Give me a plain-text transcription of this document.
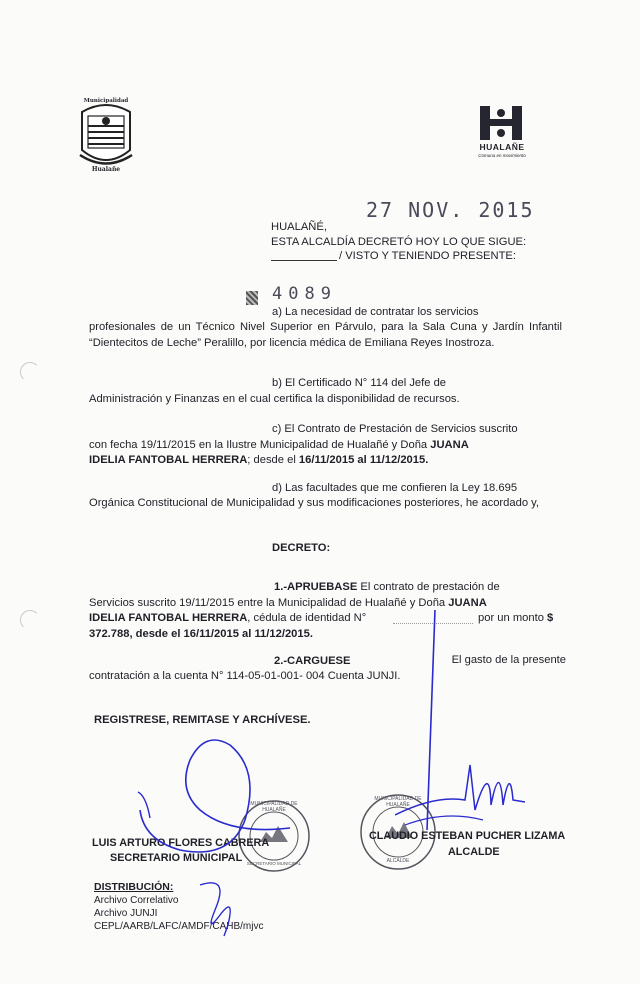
Municipalidad
Hualañe
HUALAÑE
Comuna en movimiento
27 NOV. 2015
HUALAÑÉ,
ESTA ALCALDÍA DECRETÓ HOY LO QUE SIGUE:
/ VISTO Y TENIENDO PRESENTE:
4089
a) La necesidad de contratar los servicios
profesionales de un Técnico Nivel Superior en Párvulo, para la Sala Cuna y Jardín Infantil “Dientecitos de Leche” Peralillo, por licencia médica de Emiliana Reyes Inostroza.
b) El Certificado N° 114 del Jefe de
Administración y Finanzas en el cual certifica la disponibilidad de recursos.
c) El Contrato de Prestación de Servicios suscrito
con fecha 19/11/2015 en la Ilustre Municipalidad de Hualañé y Doña JUANA
IDELIA FANTOBAL HERRERA; desde el 16/11/2015 al 11/12/2015.
d) Las facultades que me confieren la Ley 18.695
Orgánica Constitucional de Municipalidad y sus modificaciones posteriores, he acordado y,
DECRETO:
1.-APRUEBASE El contrato de prestación de
Servicios suscrito 19/11/2015 entre la Municipalidad de Hualañé y Doña JUANA
IDELIA FANTOBAL HERRERA, cédula de identidad N°	por un monto $
372.788, desde el 16/11/2015 al 11/12/2015.
2.-CARGUESE	El gasto de la presente
contratación a la cuenta N° 114-05-01-001- 004 Cuenta JUNJI.
REGISTRESE, REMITASE Y ARCHÍVESE.
MUNICIPALIDAD DE HUALAÑE
SECRETARIO MUNICIPAL
MUNICIPALIDAD DE HUALAÑE
ALCALDE
LUIS ARTURO FLORES CABRERA
SECRETARIO MUNICIPAL
CLAUDIO ESTEBAN PUCHER LIZAMA
ALCALDE
DISTRIBUCIÓN:
Archivo Correlativo
Archivo JUNJI
CEPL/AARB/LAFC/AMDF/CAHB/mjvc
